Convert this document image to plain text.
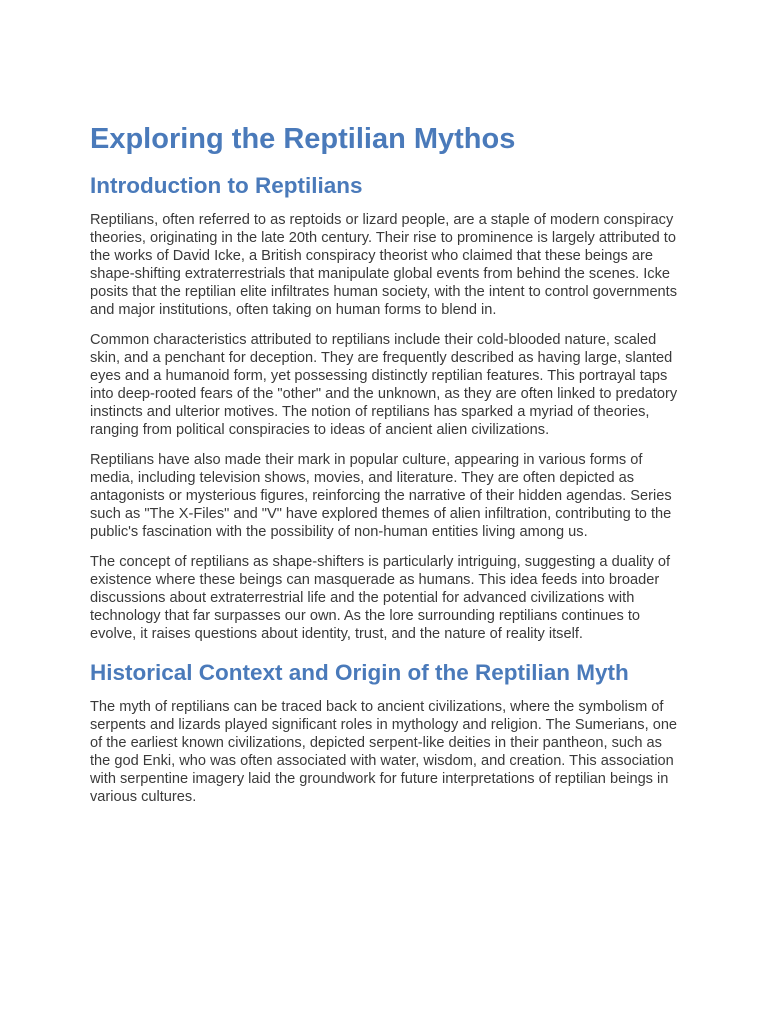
Exploring the Reptilian Mythos
Introduction to Reptilians

Reptilians, often referred to as reptoids or lizard people, are a staple of modern conspiracy theories, originating in the late 20th century. Their rise to prominence is largely attributed to the works of David Icke, a British conspiracy theorist who claimed that these beings are shape-shifting extraterrestrials that manipulate global events from behind the scenes. Icke posits that the reptilian elite infiltrates human society, with the intent to control governments and major institutions, often taking on human forms to blend in.

Common characteristics attributed to reptilians include their cold-blooded nature, scaled skin, and a penchant for deception. They are frequently described as having large, slanted eyes and a humanoid form, yet possessing distinctly reptilian features. This portrayal taps into deep-rooted fears of the "other" and the unknown, as they are often linked to predatory instincts and ulterior motives. The notion of reptilians has sparked a myriad of theories, ranging from political conspiracies to ideas of ancient alien civilizations.

Reptilians have also made their mark in popular culture, appearing in various forms of media, including television shows, movies, and literature. They are often depicted as antagonists or mysterious figures, reinforcing the narrative of their hidden agendas. Series such as "The X-Files" and "V" have explored themes of alien infiltration, contributing to the public's fascination with the possibility of non-human entities living among us.

The concept of reptilians as shape-shifters is particularly intriguing, suggesting a duality of existence where these beings can masquerade as humans. This idea feeds into broader discussions about extraterrestrial life and the potential for advanced civilizations with technology that far surpasses our own. As the lore surrounding reptilians continues to evolve, it raises questions about identity, trust, and the nature of reality itself.

Historical Context and Origin of the Reptilian Myth

The myth of reptilians can be traced back to ancient civilizations, where the symbolism of serpents and lizards played significant roles in mythology and religion. The Sumerians, one of the earliest known civilizations, depicted serpent-like deities in their pantheon, such as the god Enki, who was often associated with water, wisdom, and creation. This association with serpentine imagery laid the groundwork for future interpretations of reptilian beings in various cultures.
